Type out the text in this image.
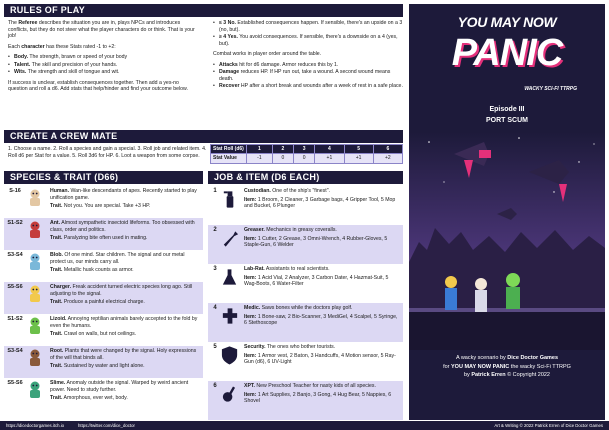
RULES OF PLAY

The Referee describes the situation you are in, plays NPCs and introduces conflicts, but they do not steer what the player characters do or think. That is your job!

Each character has these Stats rated -1 to +2:

• Body. The strength, brawn or speed of your body
• Talent. The skill and precision of your hands.
• Wits. The strength and skill of tongue and wit.

If success is unclear, establish consequences together. Then add a yes-no question and roll a d6. Add stats that help/hinder and find your outcome below.

• ≤ 3 No. Established consequences happen. If sensible, there's an upside on a 3 (no, but).
• ≥ 4 Yes. You avoid consequences. If sensible, there's a downside on a 4 (yes, but).

Combat works in player order around the table.

• Attacks hit for d6 damage. Armor reduces this by 1.
• Damage reduces HP. If HP run out, take a wound. A second wound means death.
• Recover HP after a short break and wounds after a week of rest in a safe place.
CREATE A CREW MATE

1. Choose a name. 2. Roll a species and gain a special. 3. Roll job and related item. 4. Roll d6 per Stat for a value. 5. Roll 3d6 for HP. 6. Loot a weapon from some corpse.

Stat Roll (d6)	1	2	3	4	5	6
Stat Value	-1	0	0	+1	+1	+2
SPECIES & TRAIT (D66)	JOB & ITEM (D6 EACH)
S-16	Human. Wan-like descendants of apes. Recently started to play unification game.
Trait. Not you. You are special. Take +3 HP.
S1-S2	Ant. Almost sympathetic insectoid lifeforms. Too obsessed with class, order and politics.
Trait. Paralyzing bite often used in mating.
S3-S4	Blob. Of one mind. Star children. The signal and our metal protect us, our minds carry all.
Trait. Metallic husk counts as armor.
S5-S6	Charger. Freak accident turned electric species long ago. Still adjusting to the signal.
Trait. Produce a painful electrical charge.
S1-S2	Lizoid. Annoying reptilian animals barely accepted to the fold by even the humans.
Trait. Crawl on walls, but not ceilings.
S3-S4	Root. Plants that were changed by the signal. Holy expressions of the will that binds all.
Trait. Sustained by water and light alone.
S5-S6	Slime. Anomaly outside the signal. Warped by weird ancient power. Need to study further.
Trait. Amorphous, ever wet, body.
1	Custodian. One of the ship's "finest".
Item: 1 Broom, 2 Cleaner, 3 Garbage bags, 4 Gripper Tool, 5 Mop and Bucket, 6 Plunger
2	Greaser. Mechanics in greasy coveralls.
Item: 1 Cutter, 2 Grease, 3 Omni-Wrench, 4 Rubber-Gloves, 5 Staple-Gun, 6 Welder
3	Lab-Rat. Assistants to real scientists.
Item: 1 Acid Vial, 2 Analyzer, 3 Carbon Dater, 4 Hazmat-Suit, 5 Wag-Boots, 6 Water-Filter
4	Medic. Saws bones while the doctors play golf.
Item: 1 Bone-saw, 2 Bio-Scanner, 3 MediGel, 4 Scalpel, 5 Syringe, 6 Stethoscope
5	Security. The ones who bother tourists.
Item: 1 Armor vest, 2 Baton, 3 Handcuffs, 4 Motion sensor, 5 Ray-Gun (d6), 6 UV-Light
6	XPT. New Preschool Teacher for nasty kids of all species.
Item: 1 Art Supplies, 2 Banjo, 3 Gong, 4 Hug Bear, 5 Nappies, 6 Shovel
YOU MAY NOW
PANIC
WACKY SCI-FI TTRPG
Episode III
PORT SCUM
A wacky scenario by Dice Doctor Games
for YOU MAY NOW PANIC the wacky Sci-Fi TTRPG
by Patrick Erren © Copyright 2022
https://dicedoctorgames.itch.io	https://twitter.com/dice_doctor	Art & Writing © 2022 Patrick Erren of Dice Doctor Games
